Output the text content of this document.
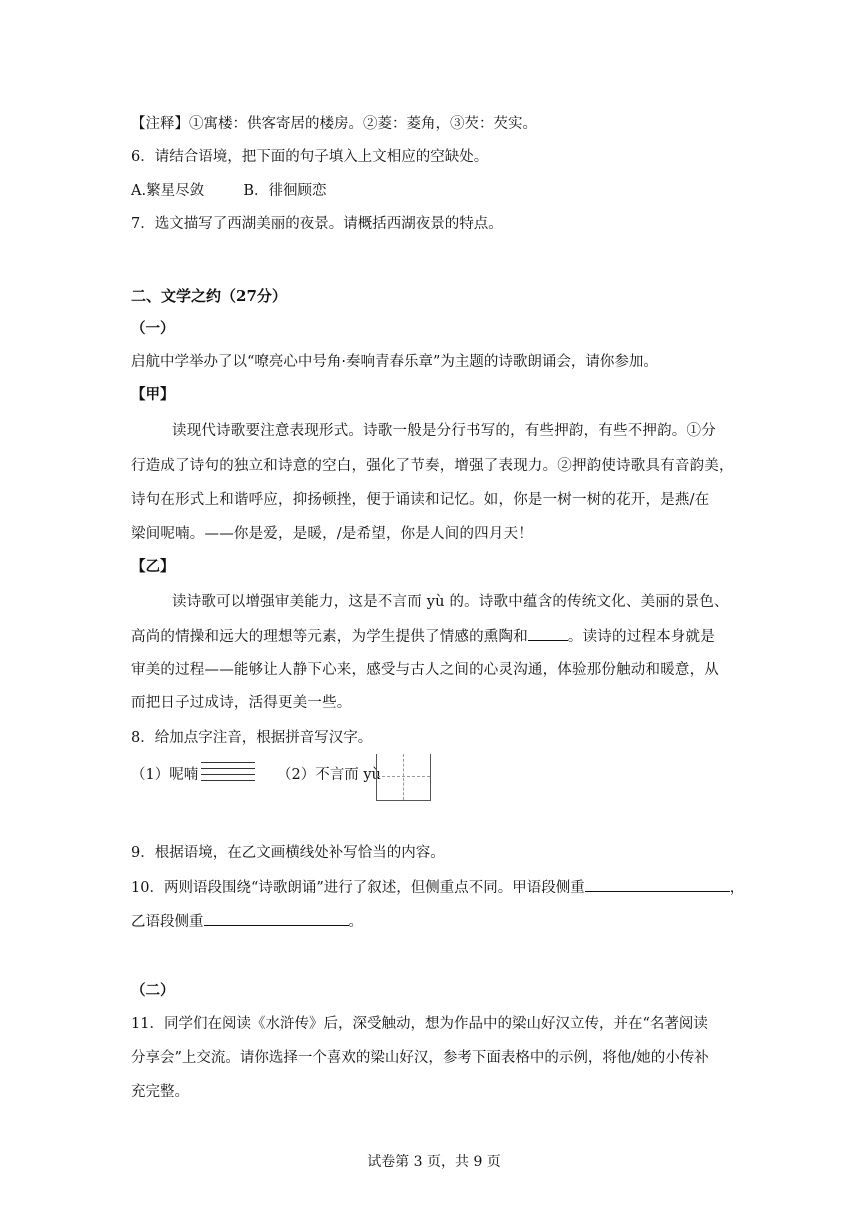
【注释】①寓楼：供客寄居的楼房。②菱：菱角，③芡：芡实。
6．请结合语境，把下面的句子填入上文相应的空缺处。
A.繁星尽敛	B．徘徊顾恋
7．选文描写了西湖美丽的夜景。请概括西湖夜景的特点。
二、文学之约（27分）
（一）
启航中学举办了以“嘹亮心中号角·奏响青春乐章”为主题的诗歌朗诵会，请你参加。
【甲】
读现代诗歌要注意表现形式。诗歌一般是分行书写的，有些押韵，有些不押韵。①分
行造成了诗句的独立和诗意的空白，强化了节奏，增强了表现力。②押韵使诗歌具有音韵美，
诗句在形式上和谐呼应，抑扬顿挫，便于诵读和记忆。如，你是一树一树的花开，是燕/在
梁间呢喃。——你是爱，是暖，/是希望，你是人间的四月天！
【乙】
读诗歌可以增强审美能力，这是不言而 yù 的。诗歌中蕴含的传统文化、美丽的景色、
高尚的情操和远大的理想等元素，为学生提供了情感的熏陶和	。读诗的过程本身就是
审美的过程——能够让人静下心来，感受与古人之间的心灵沟通，体验那份触动和暖意，从
而把日子过成诗，活得更美一些。
8．给加点字注音，根据拼音写汉字。
（1）呢喃	（2）不言而 yù
9．根据语境，在乙文画横线处补写恰当的内容。
10．两则语段围绕“诗歌朗诵”进行了叙述，但侧重点不同。甲语段侧重	，
乙语段侧重	。
（二）
11．同学们在阅读《水浒传》后，深受触动，想为作品中的梁山好汉立传，并在“名著阅读
分享会”上交流。请你选择一个喜欢的梁山好汉，参考下面表格中的示例，将他/她的小传补
充完整。
试卷第 3 页，共 9 页
